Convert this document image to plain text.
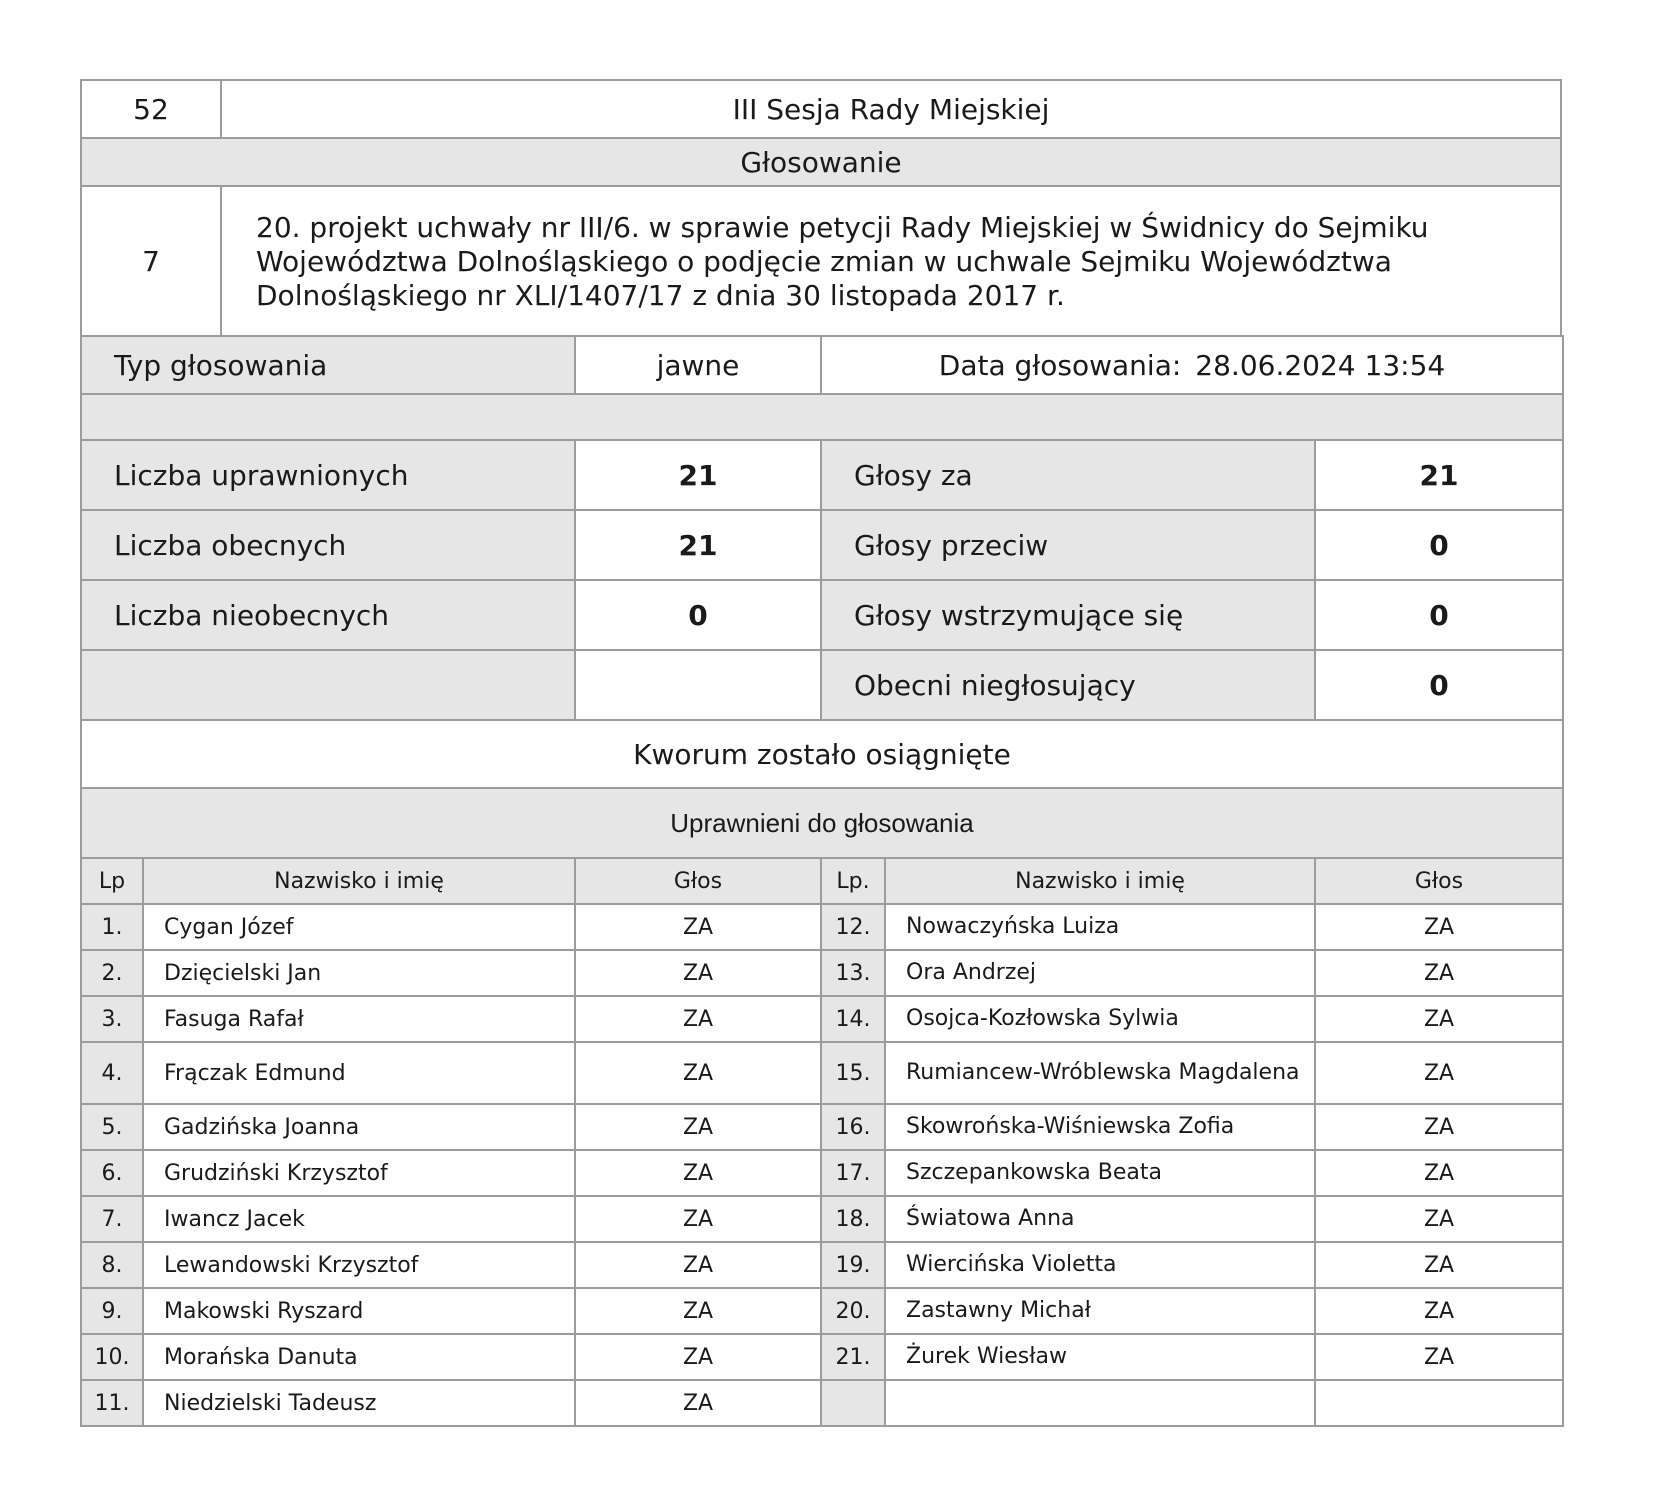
52	III Sesja Rady Miejskiej
Głosowanie	
7	20. projekt uchwały nr III/6. w sprawie petycji Rady Miejskiej w Świdnicy do Sejmiku
Województwa Dolnośląskiego o podjęcie zmian w uchwale Sejmiku Województwa
Dolnośląskiego nr XLI/1407/17 z dnia 30 listopada 2017 r.
Typ głosowania	jawne	Data głosowania: 28.06.2024 13:54	

Liczba uprawnionych	21	Głosy za	21
Liczba obecnych	21	Głosy przeciw	0
Liczba nieobecnych	0	Głosy wstrzymujące się	0
		Obecni niegłosujący	0
Kworum zostało osiągnięte			
Uprawnieni do głosowania			
Lp	Nazwisko i imię	Głos	Lp.	Nazwisko i imię	Głos
1.	Cygan Józef	ZA	12.	Nowaczyńska Luiza	ZA
2.	Dzięcielski Jan	ZA	13.	Ora Andrzej	ZA
3.	Fasuga Rafał	ZA	14.	Osojca-Kozłowska Sylwia	ZA
4.	Frączak Edmund	ZA	15.	Rumiancew-Wróblewska Magdalena	ZA
5.	Gadzińska Joanna	ZA	16.	Skowrońska-Wiśniewska Zofia	ZA
6.	Grudziński Krzysztof	ZA	17.	Szczepankowska Beata	ZA
7.	Iwancz Jacek	ZA	18.	Światowa Anna	ZA
8.	Lewandowski Krzysztof	ZA	19.	Wiercińska Violetta	ZA
9.	Makowski Ryszard	ZA	20.	Zastawny Michał	ZA
10.	Morańska Danuta	ZA	21.	Żurek Wiesław	ZA
11.	Niedzielski Tadeusz	ZA			
